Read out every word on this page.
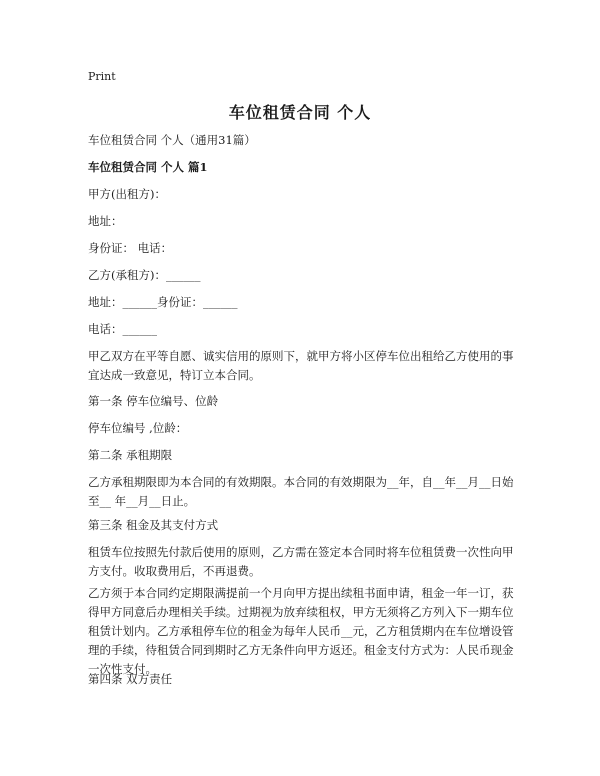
Print
车位租赁合同 个人
车位租赁合同 个人（通用31篇）
车位租赁合同 个人 篇1
甲方(出租方)：
地址：
身份证： 电话：
乙方(承租方)：______
地址：______身份证：______
电话：______
甲乙双方在平等自愿、诚实信用的原则下，就甲方将小区停车位出租给乙方使用的事宜达成一致意见，特订立本合同。
第一条 停车位编号、位龄
停车位编号 ,位龄：
第二条 承租期限
乙方承租期限即为本合同的有效期限。本合同的有效期限为__年，自__年__月__日始至__ 年__月__日止。
第三条 租金及其支付方式
租赁车位按照先付款后使用的原则，乙方需在签定本合同时将车位租赁费一次性向甲方支付。收取费用后，不再退费。
乙方须于本合同约定期限满提前一个月向甲方提出续租书面申请，租金一年一订，获得甲方同意后办理相关手续。过期视为放弃续租权，甲方无须将乙方列入下一期车位租赁计划内。乙方承租停车位的租金为每年人民币__元，乙方租赁期内在车位增设管理的手续，待租赁合同到期时乙方无条件向甲方返还。租金支付方式为：人民币现金一次性支付。
第四条 双方责任
